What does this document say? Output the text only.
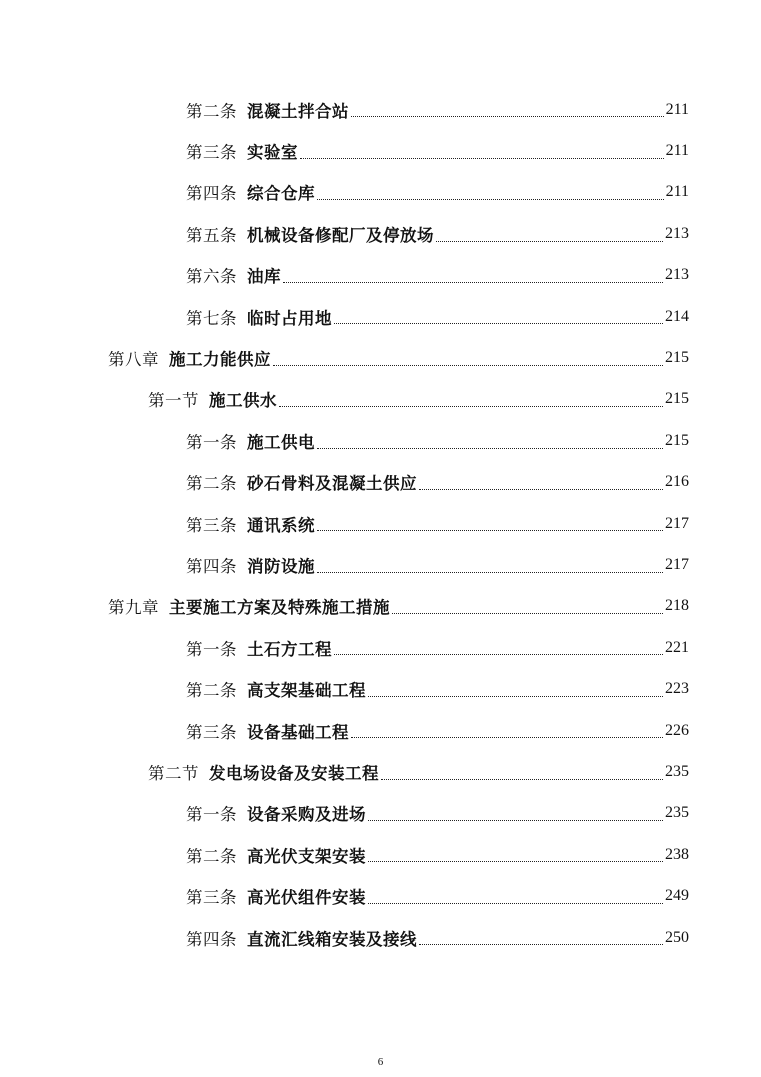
第二条 混凝土拌合站	211
第三条 实验室	211
第四条 综合仓库	211
第五条 机械设备修配厂及停放场	213
第六条 油库	213
第七条 临时占用地	214
第八章 施工力能供应	215
第一节 施工供水	215
第一条 施工供电	215
第二条 砂石骨料及混凝土供应	216
第三条 通讯系统	217
第四条 消防设施	217
第九章 主要施工方案及特殊施工措施	218
第一条 土石方工程	221
第二条 高支架基础工程	223
第三条 设备基础工程	226
第二节 发电场设备及安装工程	235
第一条 设备采购及进场	235
第二条 高光伏支架安装	238
第三条 高光伏组件安装	249
第四条 直流汇线箱安装及接线	250
6
